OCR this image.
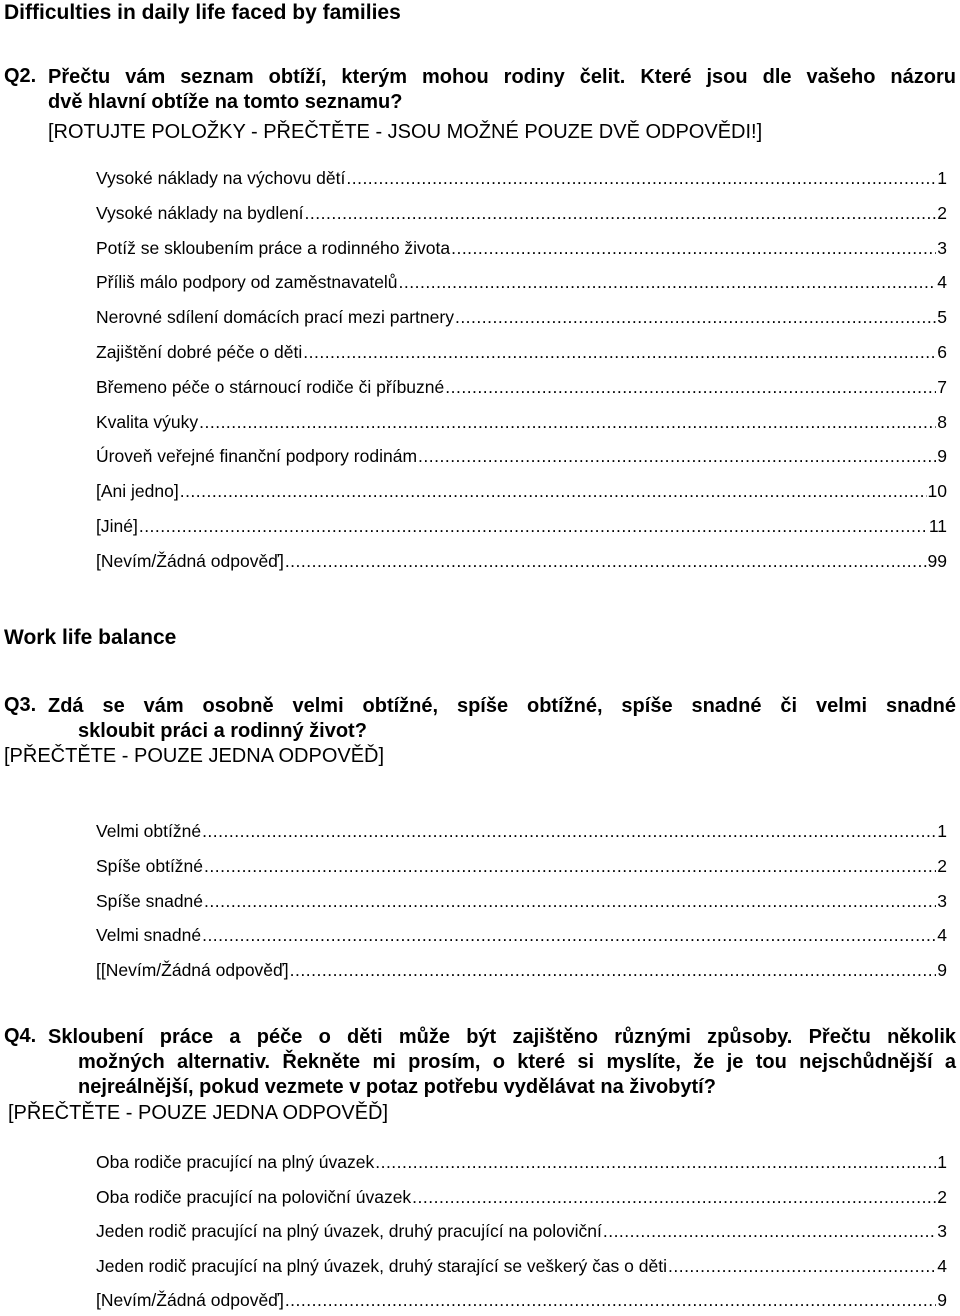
Difficulties in daily life faced by families
Q2. Přečtu vám seznam obtíží, kterým mohou rodiny čelit. Které jsou dle vašeho názoru
dvě hlavní obtíže na tomto seznamu?
[ROTUJTE POLOŽKY - PŘEČTĚTE - JSOU MOŽNÉ POUZE DVĚ ODPOVĚDI!]
Vysoké náklady na výchovu dětí .....	1
Vysoké náklady na bydlení .....	2
Potíž se skloubením práce a rodinného života .....	3
Příliš málo podpory od zaměstnavatelů .....	4
Nerovné sdílení domácích prací mezi partnery .....	5
Zajištění dobré péče o děti .....	6
Břemeno péče o stárnoucí rodiče či příbuzné .....	7
Kvalita výuky .....	8
Úroveň veřejné finanční podpory rodinám .....	9
[Ani jedno] .....	10
[Jiné] .....	11
[Nevím/Žádná odpověď] .....	99
Work life balance
Q3. Zdá se vám osobně velmi obtížné, spíše obtížné, spíše snadné či velmi snadné
skloubit práci a rodinný život?
[PŘEČTĚTE - POUZE JEDNA ODPOVĚĎ]
Velmi obtížné .....	1
Spíše obtížné .....	2
Spíše snadné .....	3
Velmi snadné .....	4
[[Nevím/Žádná odpověď] .....	9
Q4. Skloubení práce a péče o děti může být zajištěno různými způsoby. Přečtu několik
možných alternativ. Řekněte mi prosím, o které si myslíte, že je tou nejschůdnější a
nejreálnější, pokud vezmete v potaz potřebu vydělávat na živobytí?
[PŘEČTĚTE - POUZE JEDNA ODPOVĚĎ]
Oba rodiče pracující na plný úvazek .....	1
Oba rodiče pracující na poloviční úvazek .....	2
Jeden rodič pracující na plný úvazek, druhý pracující na poloviční .....	3
Jeden rodič pracující na plný úvazek, druhý starající se veškerý čas o děti .....	4
[Nevím/Žádná odpověď] .....	9
